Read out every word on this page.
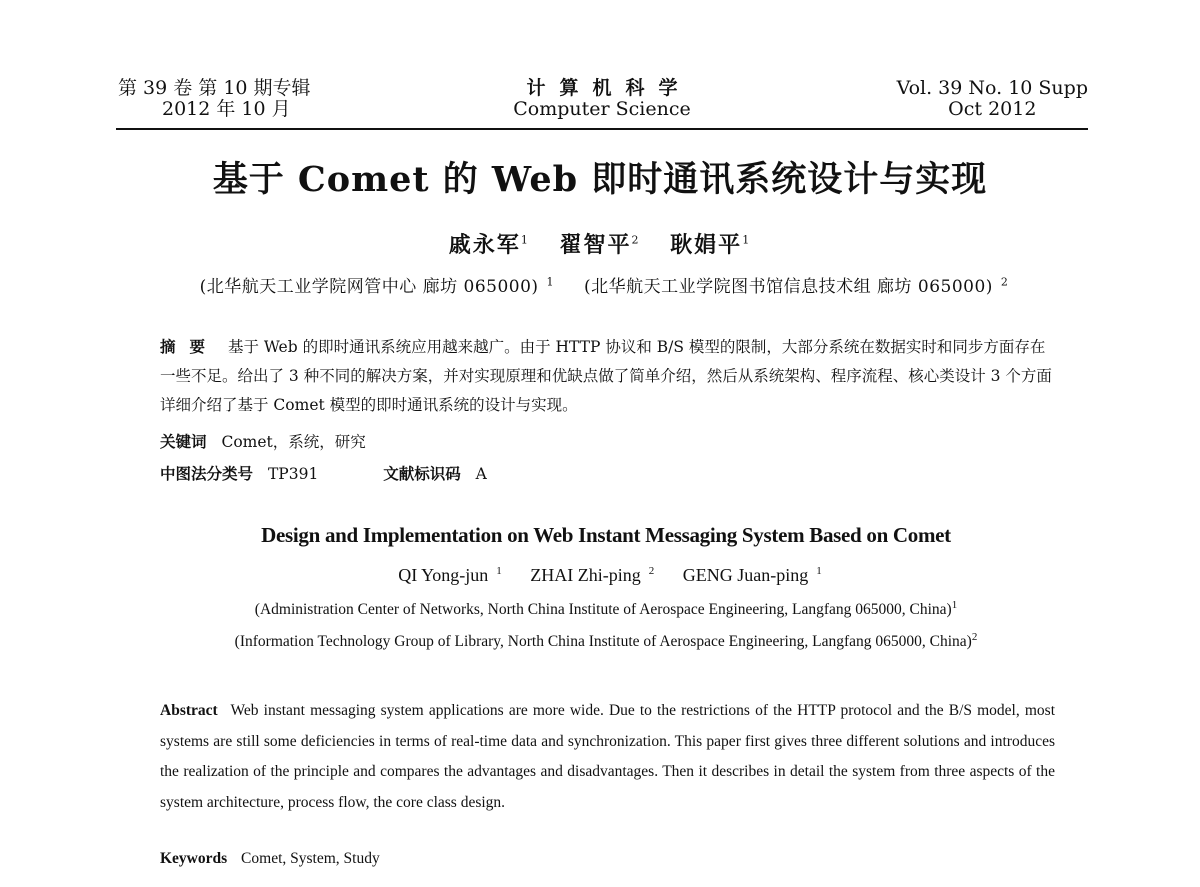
第 39 卷 第 10 期专辑
2012 年 10 月
计算机科学
Computer Science
Vol. 39 No. 10 Supp
Oct 2012
基于 Comet 的 Web 即时通讯系统设计与实现
戚永军$^1$ 翟智平$^2$ 耿娟平$^1$
(北华航天工业学院网管中心 廊坊 065000) $^1$ (北华航天工业学院图书馆信息技术组 廊坊 065000) $^2$
摘要 基于 Web 的即时通讯系统应用越来越广。由于 HTTP 协议和 B/S 模型的限制，大部分系统在数据实时和同步方面存在一些不足。给出了 3 种不同的解决方案，并对实现原理和优缺点做了简单介绍，然后从系统架构、程序流程、核心类设计 3 个方面详细介绍了基于 Comet 模型的即时通讯系统的设计与实现。
关键词 Comet，系统，研究
中图法分类号 TP391	文献标识码 A
Design and Implementation on Web Instant Messaging System Based on Comet
QI Yong-jun $^1$ ZHAI Zhi-ping $^2$ GENG Juan-ping $^1$
(Administration Center of Networks, North China Institute of Aerospace Engineering, Langfang 065000, China)$^1$
(Information Technology Group of Library, North China Institute of Aerospace Engineering, Langfang 065000, China)$^2$
Abstract Web instant messaging system applications are more wide. Due to the restrictions of the HTTP protocol and the B/S model, most systems are still some deficiencies in terms of real-time data and synchronization. This paper first gives three different solutions and introduces the realization of the principle and compares the advantages and disadvantages. Then it describes in detail the system from three aspects of the system architecture, process flow, the core class design.
Keywords Comet, System, Study
